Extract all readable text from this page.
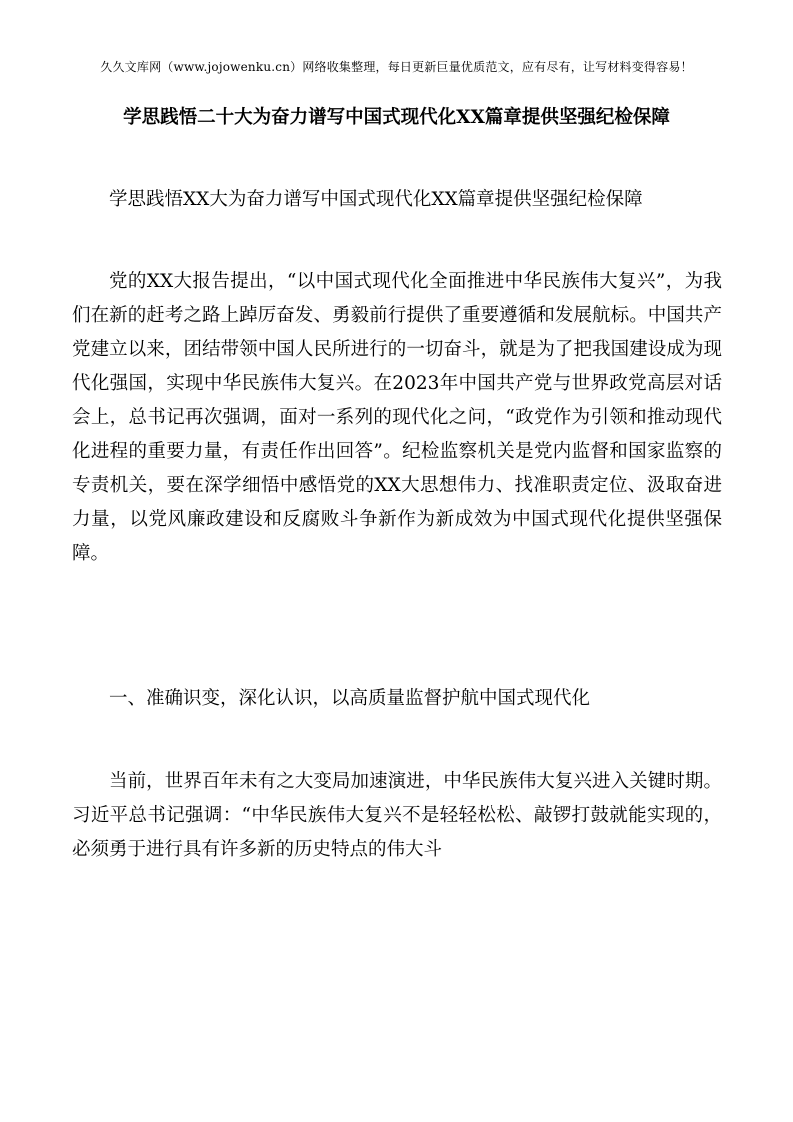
久久文库网（www.jojowenku.cn）网络收集整理，每日更新巨量优质范文，应有尽有，让写材料变得容易！
学思践悟二十大为奋力谱写中国式现代化XX篇章提供坚强纪检保障

学思践悟XX大为奋力谱写中国式现代化XX篇章提供坚强纪检保障

党的XX大报告提出，“以中国式现代化全面推进中华民族伟大复兴”，为我们在新的赶考之路上踔厉奋发、勇毅前行提供了重要遵循和发展航标。中国共产党建立以来，团结带领中国人民所进行的一切奋斗，就是为了把我国建设成为现代化强国，实现中华民族伟大复兴。在2023年中国共产党与世界政党高层对话会上，总书记再次强调，面对一系列的现代化之问，“政党作为引领和推动现代化进程的重要力量，有责任作出回答”。纪检监察机关是党内监督和国家监察的专责机关，要在深学细悟中感悟党的XX大思想伟力、找准职责定位、汲取奋进力量，以党风廉政建设和反腐败斗争新作为新成效为中国式现代化提供坚强保障。

一、准确识变，深化认识，以高质量监督护航中国式现代化

当前，世界百年未有之大变局加速演进，中华民族伟大复兴进入关键时期。习近平总书记强调：“中华民族伟大复兴不是轻轻松松、敲锣打鼓就能实现的，必须勇于进行具有许多新的历史特点的伟大斗
